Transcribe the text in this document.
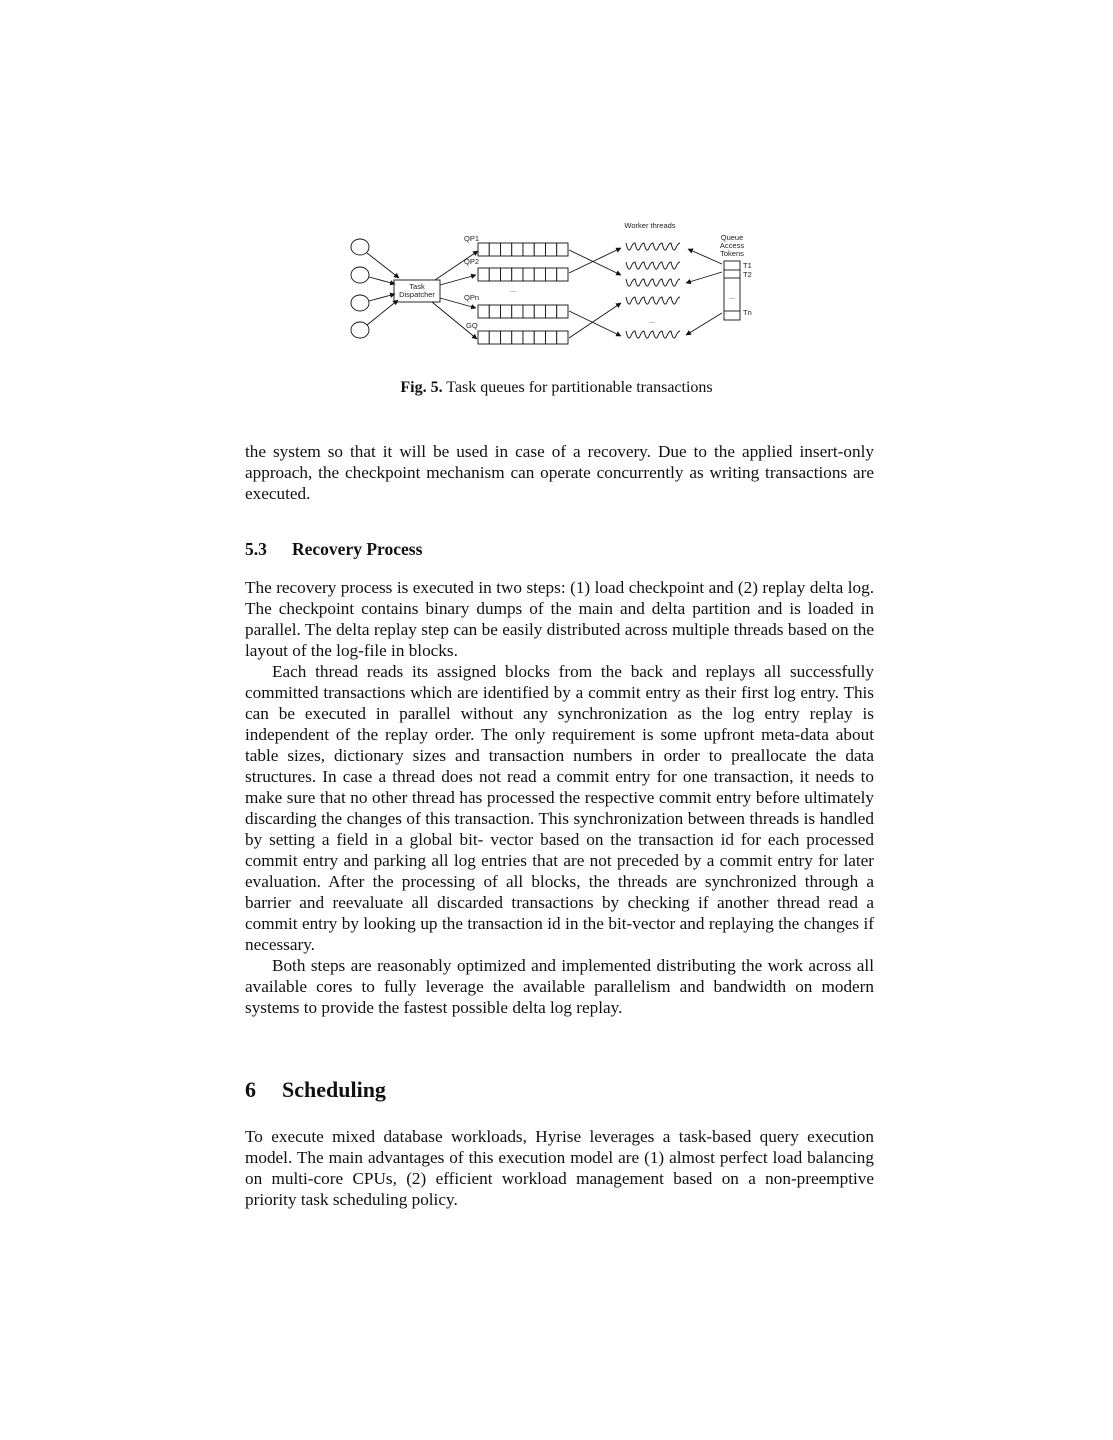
Task
Dispatcher
QP1
QP2
QPn
GQ
...
Worker threads
...
Queue
Access
Tokens
T1
T2
...
Tn
Fig. 5. Task queues for partitionable transactions

the system so that it will be used in case of a recovery. Due to the applied insert-only approach, the checkpoint mechanism can operate concurrently as writing transactions are executed.

5.3 Recovery Process

The recovery process is executed in two steps: (1) load checkpoint and (2) replay delta log. The checkpoint contains binary dumps of the main and delta partition and is loaded in parallel. The delta replay step can be easily distributed across multiple threads based on the layout of the log-file in blocks.

Each thread reads its assigned blocks from the back and replays all successfully committed transactions which are identified by a commit entry as their first log entry. This can be executed in parallel without any synchronization as the log entry replay is independent of the replay order. The only requirement is some upfront meta-data about table sizes, dictionary sizes and transaction numbers in order to preallocate the data structures. In case a thread does not read a commit entry for one transaction, it needs to make sure that no other thread has processed the respective commit entry before ultimately discarding the changes of this transaction. This synchronization between threads is handled by setting a field in a global bit- vector based on the transaction id for each processed commit entry and parking all log entries that are not preceded by a commit entry for later evaluation. After the processing of all blocks, the threads are synchronized through a barrier and reevaluate all discarded transactions by checking if another thread read a commit entry by looking up the transaction id in the bit-vector and replaying the changes if necessary.

Both steps are reasonably optimized and implemented distributing the work across all available cores to fully leverage the available parallelism and bandwidth on modern systems to provide the fastest possible delta log replay.

6 Scheduling

To execute mixed database workloads, Hyrise leverages a task-based query execution model. The main advantages of this execution model are (1) almost perfect load balancing on multi-core CPUs, (2) efficient workload management based on a non-preemptive priority task scheduling policy.
